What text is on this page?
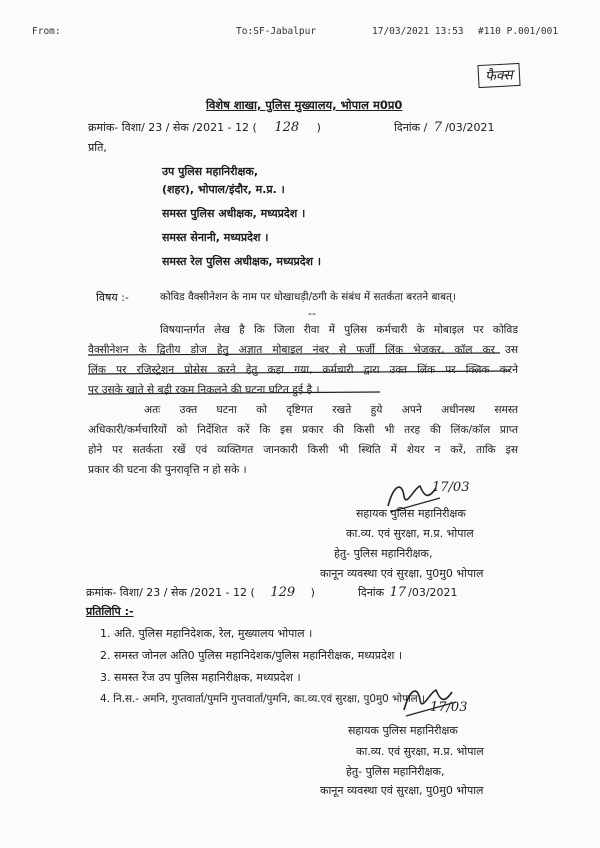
From:	To:SF-Jabalpur	17/03/2021 13:53 #110 P.001/001
फैक्स
विशेष शाखा, पुलिस मुख्यालय, भोपाल म0प्र0
क्रमांक- विशा/ 23 / सेक /2021 - 12 ( 128 )	दिनांक / 7 /03/2021
प्रति,
उप पुलिस महानिरीक्षक,
(शहर), भोपाल/इंदौर, म.प्र. ।
समस्त पुलिस अधीक्षक, मध्यप्रदेश ।
समस्त सेनानी, मध्यप्रदेश ।
समस्त रेल पुलिस अधीक्षक, मध्यप्रदेश ।
विषय :-	कोविड वैक्सीनेशन के नाम पर धोखाधड़ी/ठगी के संबंध में सतर्कता बरतने बाबत्।
--
विषयान्तर्गत लेख है कि जिला रीवा में पुलिस कर्मचारी के मोबाइल पर कोविड
वैक्सीनेशन के द्वितीय डोज हेतु अज्ञात मोबाइल नंबर से फर्जी लिंक भेजकर, कॉल कर उस
लिंक पर रजिस्ट्रेशन प्रोसेस करने हेतु कहा गया, कर्मचारी द्वारा उक्त लिंक पर क्लिक करने
पर उसके खाते से बड़ी रकम निकलने की घटना घटित हुई है ।
अतः उक्त घटना को दृष्टिगत रखते हुये अपने अधीनस्थ समस्त
अधिकारी/कर्मचारियों को निर्देशित करें कि इस प्रकार की किसी भी तरह की लिंक/कॉल प्राप्त
होने पर सतर्कता रखें एवं व्यक्तिगत जानकारी किसी भी स्थिति में शेयर न करें, ताकि इस
प्रकार की घटना की पुनरावृत्ति न हो सके ।
17/03
सहायक पुलिस महानिरीक्षक
का.व्य. एवं सुरक्षा, म.प्र. भोपाल
हेतु- पुलिस महानिरीक्षक,
कानून व्यवस्था एवं सुरक्षा, पु0मु0 भोपाल
क्रमांक- विशा/ 23 / सेक /2021 - 12 ( 129 )	दिनांक 17 /03/2021
प्रतिलिपि :-
1. अति. पुलिस महानिदेशक, रेल, मुख्यालय भोपाल ।
2. समस्त जोनल अति0 पुलिस महानिदेशक/पुलिस महानिरीक्षक, मध्यप्रदेश ।
3. समस्त रेंज उप पुलिस महानिरीक्षक, मध्यप्रदेश ।
4. नि.स.- अमनि, गुप्तवार्ता/पुमनि गुप्तवार्ता/पुमनि, का.व्य.एवं सुरक्षा, पु0मु0 भोपाल ।
17/03
सहायक पुलिस महानिरीक्षक
का.व्य. एवं सुरक्षा, म.प्र. भोपाल
हेतु- पुलिस महानिरीक्षक,
कानून व्यवस्था एवं सुरक्षा, पु0मु0 भोपाल
